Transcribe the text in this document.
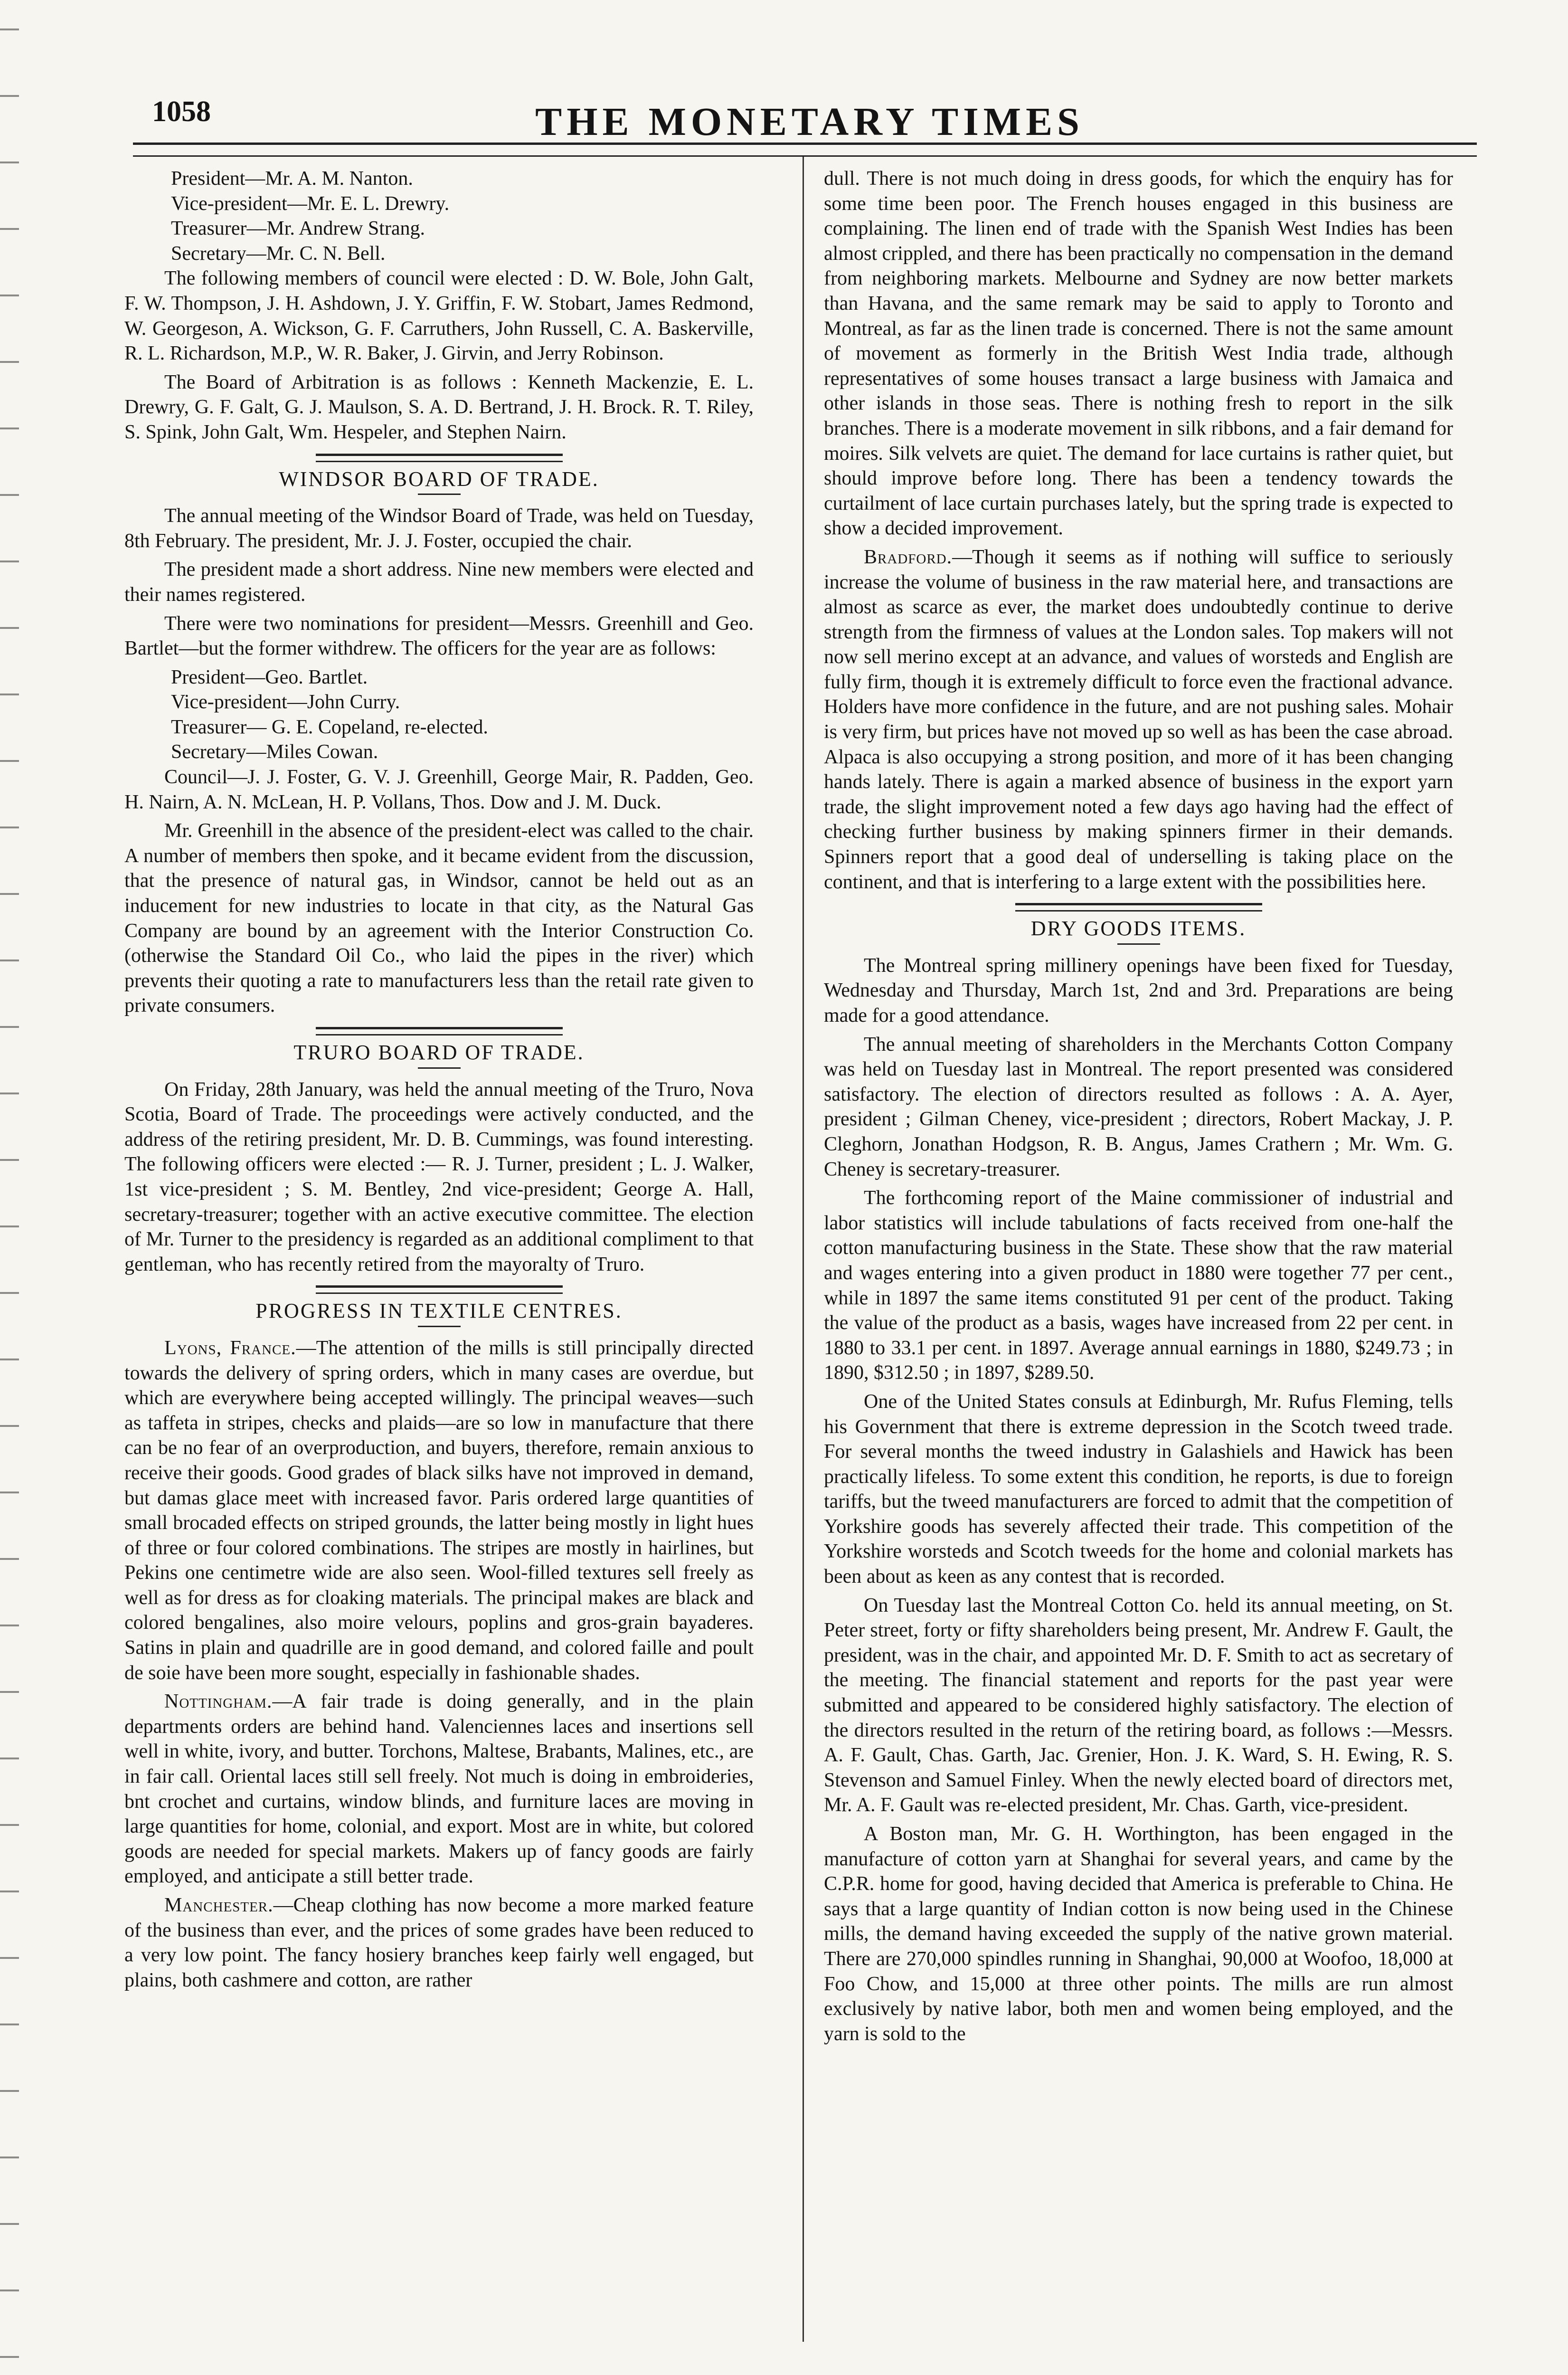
1058	THE MONETARY TIMES
President—Mr. A. M. Nanton.
Vice-president—Mr. E. L. Drewry.
Treasurer—Mr. Andrew Strang.
Secretary—Mr. C. N. Bell.

The following members of council were elected : D. W. Bole, John Galt, F. W. Thompson, J. H. Ashdown, J. Y. Griffin, F. W. Stobart, James Redmond, W. Georgeson, A. Wickson, G. F. Carruthers, John Russell, C. A. Baskerville, R. L. Richardson, M.P., W. R. Baker, J. Girvin, and Jerry Robinson.

The Board of Arbitration is as follows : Kenneth Mackenzie, E. L. Drewry, G. F. Galt, G. J. Maulson, S. A. D. Bertrand, J. H. Brock. R. T. Riley, S. Spink, John Galt, Wm. Hespeler, and Stephen Nairn.

WINDSOR BOARD OF TRADE.

The annual meeting of the Windsor Board of Trade, was held on Tuesday, 8th February. The president, Mr. J. J. Foster, occupied the chair.

The president made a short address. Nine new members were elected and their names registered.

There were two nominations for president—Messrs. Greenhill and Geo. Bartlet—but the former withdrew. The officers for the year are as follows:

President—Geo. Bartlet.
Vice-president—John Curry.
Treasurer— G. E. Copeland, re-elected.
Secretary—Miles Cowan.

Council—J. J. Foster, G. V. J. Greenhill, George Mair, R. Padden, Geo. H. Nairn, A. N. McLean, H. P. Vollans, Thos. Dow and J. M. Duck.

Mr. Greenhill in the absence of the president-elect was called to the chair. A number of members then spoke, and it became evident from the discussion, that the presence of natural gas, in Windsor, cannot be held out as an inducement for new industries to locate in that city, as the Natural Gas Company are bound by an agreement with the Interior Construction Co. (otherwise the Standard Oil Co., who laid the pipes in the river) which prevents their quoting a rate to manufacturers less than the retail rate given to private consumers.

TRURO BOARD OF TRADE.

On Friday, 28th January, was held the annual meeting of the Truro, Nova Scotia, Board of Trade. The proceedings were actively conducted, and the address of the retiring president, Mr. D. B. Cummings, was found interesting. The following officers were elected :— R. J. Turner, president ; L. J. Walker, 1st vice-president ; S. M. Bentley, 2nd vice-president; George A. Hall, secretary-treasurer; together with an active executive committee. The election of Mr. Turner to the presidency is regarded as an additional compliment to that gentleman, who has recently retired from the mayoralty of Truro.

PROGRESS IN TEXTILE CENTRES.

Lyons, France.—The attention of the mills is still principally directed towards the delivery of spring orders, which in many cases are overdue, but which are everywhere being accepted willingly. The principal weaves—such as taffeta in stripes, checks and plaids—are so low in manufacture that there can be no fear of an overproduction, and buyers, therefore, remain anxious to receive their goods. Good grades of black silks have not improved in demand, but damas glace meet with increased favor. Paris ordered large quantities of small brocaded effects on striped grounds, the latter being mostly in light hues of three or four colored combinations. The stripes are mostly in hairlines, but Pekins one centimetre wide are also seen. Wool-filled textures sell freely as well as for dress as for cloaking materials. The principal makes are black and colored bengalines, also moire velours, poplins and gros-grain bayaderes. Satins in plain and quadrille are in good demand, and colored faille and poult de soie have been more sought, especially in fashionable shades.

Nottingham.—A fair trade is doing generally, and in the plain departments orders are behind hand. Valenciennes laces and insertions sell well in white, ivory, and butter. Torchons, Maltese, Brabants, Malines, etc., are in fair call. Oriental laces still sell freely. Not much is doing in embroideries, bnt crochet and curtains, window blinds, and furniture laces are moving in large quantities for home, colonial, and export. Most are in white, but colored goods are needed for special markets. Makers up of fancy goods are fairly employed, and anticipate a still better trade.

Manchester.—Cheap clothing has now become a more marked feature of the business than ever, and the prices of some grades have been reduced to a very low point. The fancy hosiery branches keep fairly well engaged, but plains, both cashmere and cotton, are rather

dull. There is not much doing in dress goods, for which the enquiry has for some time been poor. The French houses engaged in this business are complaining. The linen end of trade with the Spanish West Indies has been almost crippled, and there has been practically no compensation in the demand from neighboring markets. Melbourne and Sydney are now better markets than Havana, and the same remark may be said to apply to Toronto and Montreal, as far as the linen trade is concerned. There is not the same amount of movement as formerly in the British West India trade, although representatives of some houses transact a large business with Jamaica and other islands in those seas. There is nothing fresh to report in the silk branches. There is a moderate movement in silk ribbons, and a fair demand for moires. Silk velvets are quiet. The demand for lace curtains is rather quiet, but should improve before long. There has been a tendency towards the curtailment of lace curtain purchases lately, but the spring trade is expected to show a decided improvement.

Bradford.—Though it seems as if nothing will suffice to seriously increase the volume of business in the raw material here, and transactions are almost as scarce as ever, the market does undoubtedly continue to derive strength from the firmness of values at the London sales. Top makers will not now sell merino except at an advance, and values of worsteds and English are fully firm, though it is extremely difficult to force even the fractional advance. Holders have more confidence in the future, and are not pushing sales. Mohair is very firm, but prices have not moved up so well as has been the case abroad. Alpaca is also occupying a strong position, and more of it has been changing hands lately. There is again a marked absence of business in the export yarn trade, the slight improvement noted a few days ago having had the effect of checking further business by making spinners firmer in their demands. Spinners report that a good deal of underselling is taking place on the continent, and that is interfering to a large extent with the possibilities here.

DRY GOODS ITEMS.

The Montreal spring millinery openings have been fixed for Tuesday, Wednesday and Thursday, March 1st, 2nd and 3rd. Preparations are being made for a good attendance.

The annual meeting of shareholders in the Merchants Cotton Company was held on Tuesday last in Montreal. The report presented was considered satisfactory. The election of directors resulted as follows : A. A. Ayer, president ; Gilman Cheney, vice-president ; directors, Robert Mackay, J. P. Cleghorn, Jonathan Hodgson, R. B. Angus, James Crathern ; Mr. Wm. G. Cheney is secretary-treasurer.

The forthcoming report of the Maine commissioner of industrial and labor statistics will include tabulations of facts received from one-half the cotton manufacturing business in the State. These show that the raw material and wages entering into a given product in 1880 were together 77 per cent., while in 1897 the same items constituted 91 per cent of the product. Taking the value of the product as a basis, wages have increased from 22 per cent. in 1880 to 33.1 per cent. in 1897. Average annual earnings in 1880, $249.73 ; in 1890, $312.50 ; in 1897, $289.50.

One of the United States consuls at Edinburgh, Mr. Rufus Fleming, tells his Government that there is extreme depression in the Scotch tweed trade. For several months the tweed industry in Galashiels and Hawick has been practically lifeless. To some extent this condition, he reports, is due to foreign tariffs, but the tweed manufacturers are forced to admit that the competition of Yorkshire goods has severely affected their trade. This competition of the Yorkshire worsteds and Scotch tweeds for the home and colonial markets has been about as keen as any contest that is recorded.

On Tuesday last the Montreal Cotton Co. held its annual meeting, on St. Peter street, forty or fifty shareholders being present, Mr. Andrew F. Gault, the president, was in the chair, and appointed Mr. D. F. Smith to act as secretary of the meeting. The financial statement and reports for the past year were submitted and appeared to be considered highly satisfactory. The election of the directors resulted in the return of the retiring board, as follows :—Messrs. A. F. Gault, Chas. Garth, Jac. Grenier, Hon. J. K. Ward, S. H. Ewing, R. S. Stevenson and Samuel Finley. When the newly elected board of directors met, Mr. A. F. Gault was re-elected president, Mr. Chas. Garth, vice-president.

A Boston man, Mr. G. H. Worthington, has been engaged in the manufacture of cotton yarn at Shanghai for several years, and came by the C.P.R. home for good, having decided that America is preferable to China. He says that a large quantity of Indian cotton is now being used in the Chinese mills, the demand having exceeded the supply of the native grown material. There are 270,000 spindles running in Shanghai, 90,000 at Woofoo, 18,000 at Foo Chow, and 15,000 at three other points. The mills are run almost exclusively by native labor, both men and women being employed, and the yarn is sold to the
